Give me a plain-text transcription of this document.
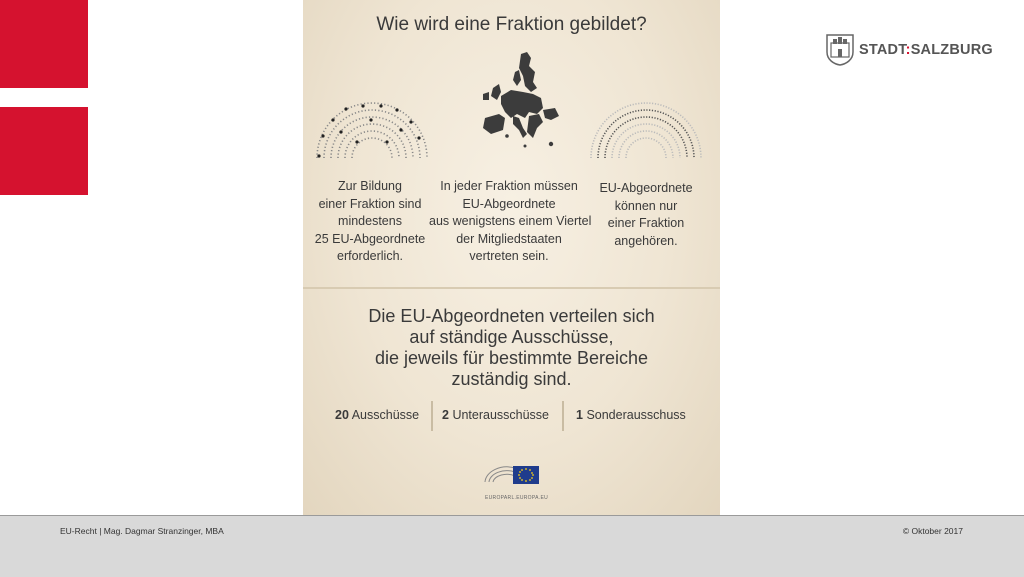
Wie wird eine Fraktion gebildet?
Zur Bildung
einer Fraktion sind
mindestens
25 EU-Abgeordnete
erforderlich.
In jeder Fraktion müssen
EU-Abgeordnete
aus wenigstens einem Viertel
der Mitgliedstaaten
vertreten sein.
EU-Abgeordnete
können nur
einer Fraktion
angehören.
Die EU-Abgeordneten verteilen sich
auf ständige Ausschüsse,
die jeweils für bestimmte Bereiche
zuständig sind.
20 Ausschüsse 2 Unterausschüsse 1 Sonderausschuss
EUROPARL.EUROPA.EU
STADT:SALZBURG
EU-Recht | Mag. Dagmar Stranzinger, MBA	© Oktober 2017
